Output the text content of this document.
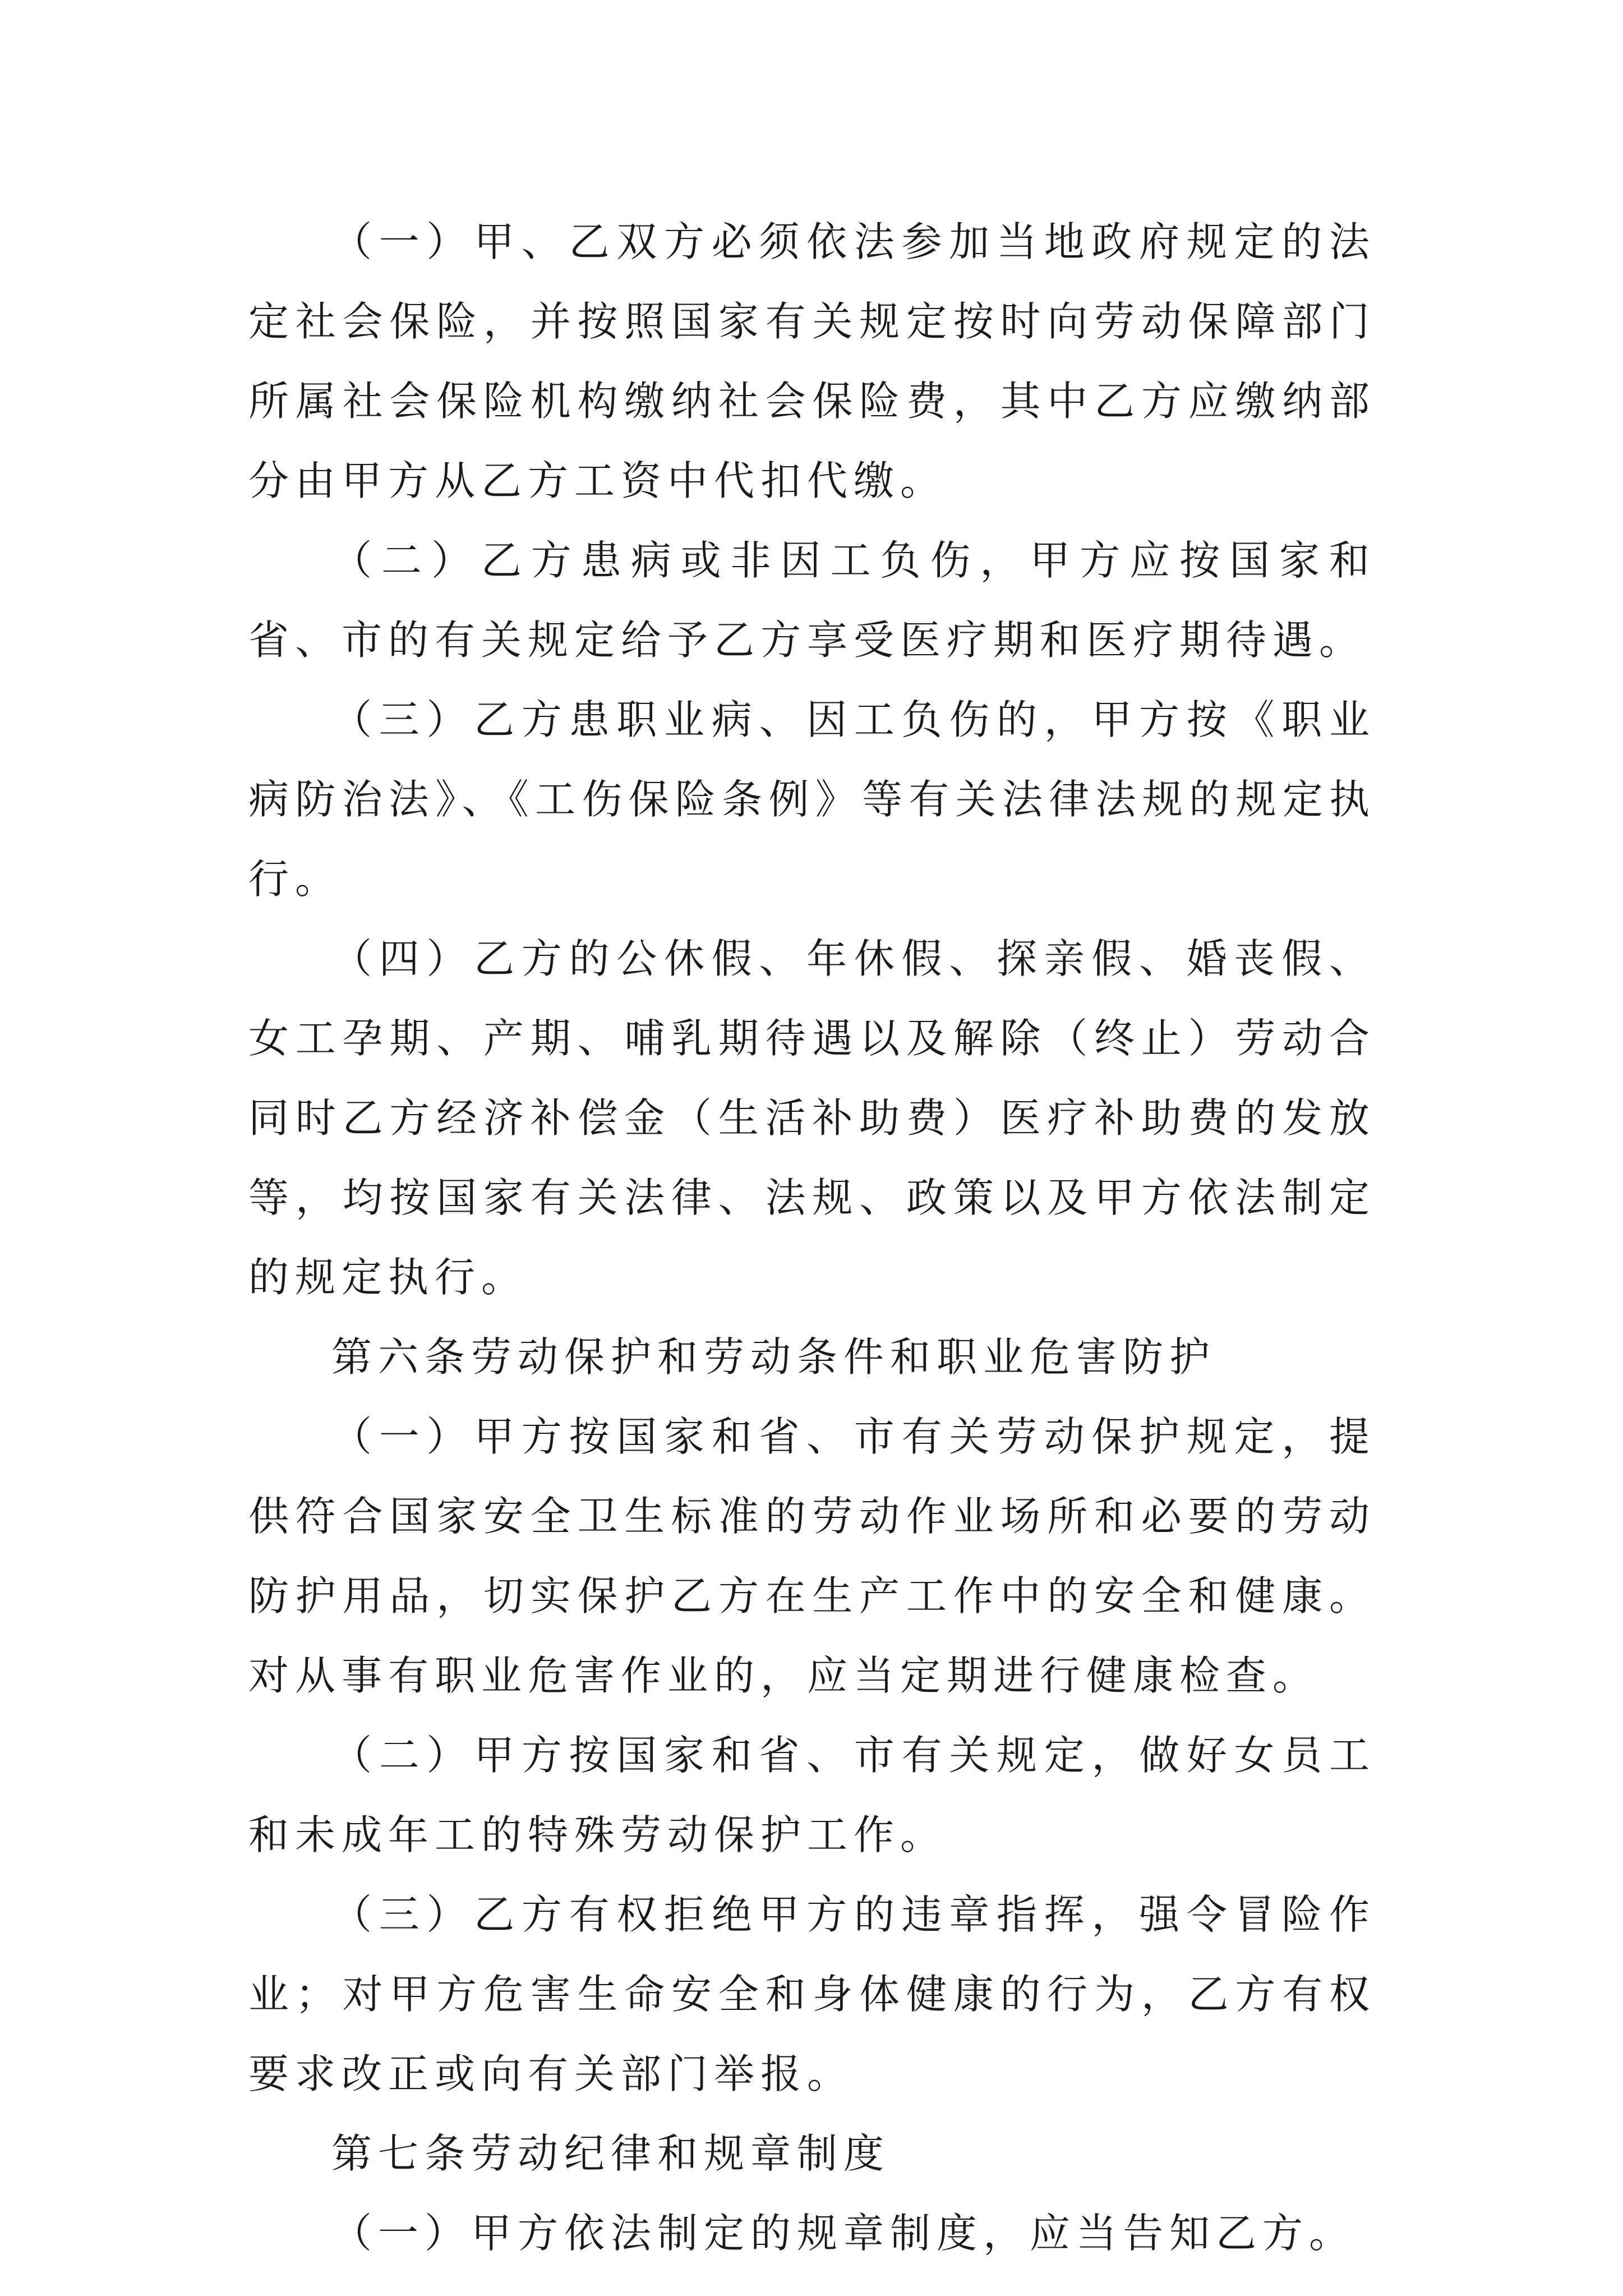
（一）甲、乙双方必须依法参加当地政府规定的法定社会保险，并按照国家有关规定按时向劳动保障部门所属社会保险机构缴纳社会保险费，其中乙方应缴纳部分由甲方从乙方工资中代扣代缴。

（二）乙方患病或非因工负伤，甲方应按国家和省、市的有关规定给予乙方享受医疗期和医疗期待遇。

（三）乙方患职业病、因工负伤的，甲方按《职业病防治法》、《工伤保险条例》等有关法律法规的规定执行。

（四）乙方的公休假、年休假、探亲假、婚丧假、女工孕期、产期、哺乳期待遇以及解除（终止）劳动合同时乙方经济补偿金（生活补助费）医疗补助费的发放等，均按国家有关法律、法规、政策以及甲方依法制定的规定执行。

第六条劳动保护和劳动条件和职业危害防护

（一）甲方按国家和省、市有关劳动保护规定，提供符合国家安全卫生标准的劳动作业场所和必要的劳动防护用品，切实保护乙方在生产工作中的安全和健康。对从事有职业危害作业的，应当定期进行健康检查。

（二）甲方按国家和省、市有关规定，做好女员工和未成年工的特殊劳动保护工作。

（三）乙方有权拒绝甲方的违章指挥，强令冒险作业；对甲方危害生命安全和身体健康的行为，乙方有权要求改正或向有关部门举报。

第七条劳动纪律和规章制度

（一）甲方依法制定的规章制度，应当告知乙方。
